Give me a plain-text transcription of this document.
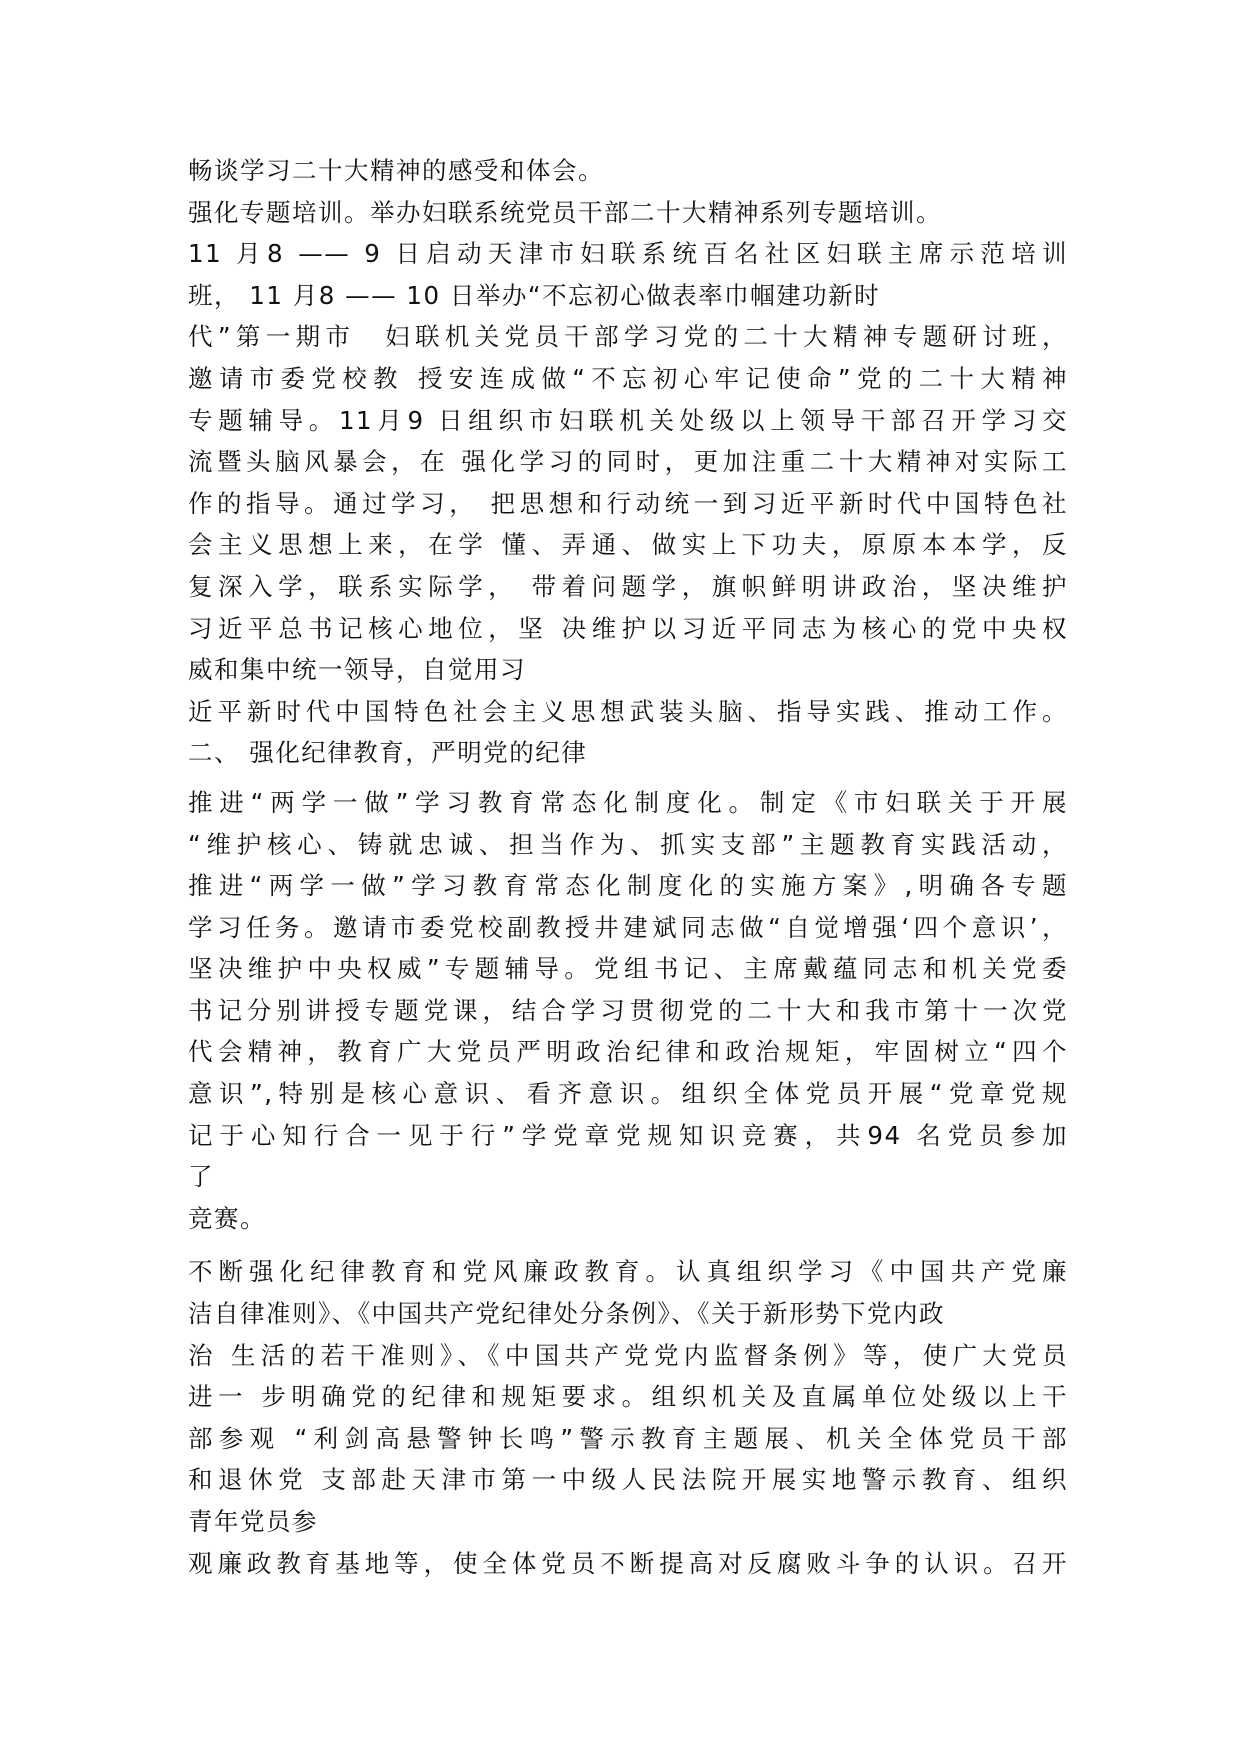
畅谈学习二十大精神的感受和体会。
强化专题培训。举办妇联系统党员干部二十大精神系列专题培训。
11 月8 —— 9 日启动天津市妇联系统百名社区妇联主席示范培训
班， 11 月8 —— 10 日举办“不忘初心做表率巾帼建功新时
代”第一期市　妇联机关党员干部学习党的二十大精神专题研讨班，
邀请市委党校教 授安连成做“不忘初心牢记使命”党的二十大精神
专题辅导。11月9 日组织市妇联机关处级以上领导干部召开学习交
流暨头脑风暴会，在 强化学习的同时，更加注重二十大精神对实际工
作的指导。通过学习， 把思想和行动统一到习近平新时代中国特色社
会主义思想上来，在学 懂、弄通、做实上下功夫，原原本本学，反
复深入学，联系实际学， 带着问题学，旗帜鲜明讲政治，坚决维护
习近平总书记核心地位，坚 决维护以习近平同志为核心的党中央权
威和集中统一领导，自觉用习
近平新时代中国特色社会主义思想武装头脑、指导实践、推动工作。
二、 强化纪律教育，严明党的纪律
推进“两学一做”学习教育常态化制度化。制定《市妇联关于开展
“维护核心、铸就忠诚、担当作为、抓实支部”主题教育实践活动，
推进“两学一做”学习教育常态化制度化的实施方案》,明确各专题
学习任务。邀请市委党校副教授井建斌同志做“自觉增强‘四个意识’，
坚决维护中央权威”专题辅导。党组书记、主席戴蕴同志和机关党委
书记分别讲授专题党课，结合学习贯彻党的二十大和我市第十一次党
代会精神，教育广大党员严明政治纪律和政治规矩，牢固树立“四个
意识”,特别是核心意识、看齐意识。组织全体党员开展“党章党规
记于心知行合一见于行”学党章党规知识竞赛，共94 名党员参加
了
竞赛。
不断强化纪律教育和党风廉政教育。认真组织学习《中国共产党廉
洁自律准则》、《中国共产党纪律处分条例》、《关于新形势下党内政
治 生活的若干准则》、《中国共产党党内监督条例》等，使广大党员
进一 步明确党的纪律和规矩要求。组织机关及直属单位处级以上干
部参观 “利剑高悬警钟长鸣”警示教育主题展、机关全体党员干部
和退休党 支部赴天津市第一中级人民法院开展实地警示教育、组织
青年党员参
观廉政教育基地等，使全体党员不断提高对反腐败斗争的认识。召开
